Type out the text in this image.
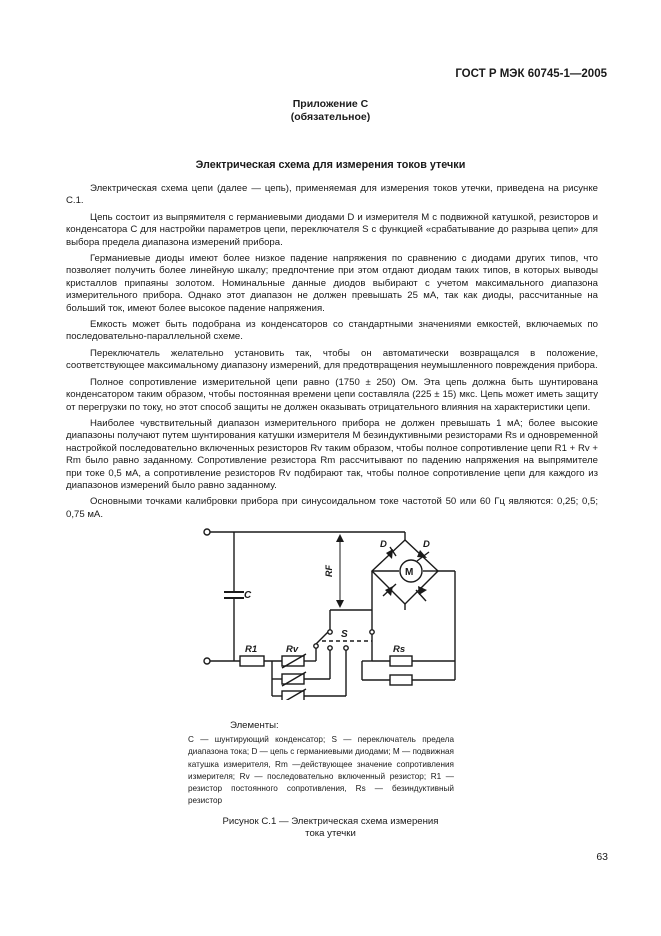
ГОСТ Р МЭК 60745-1—2005
Приложение С
(обязательное)
Электрическая схема для измерения токов утечки

Электрическая схема цепи (далее — цепь), применяемая для измерения токов утечки, приведена на рисунке С.1.

Цепь состоит из выпрямителя с германиевыми диодами D и измерителя М с подвижной катушкой, резисторов и конденсатора С для настройки параметров цепи, переключателя S с функцией «срабатывание до разрыва цепи» для выбора предела диапазона измерений прибора.

Германиевые диоды имеют более низкое падение напряжения по сравнению с диодами других типов, что позволяет получить более линейную шкалу; предпочтение при этом отдают диодам таких типов, в которых выводы кристаллов припаяны золотом. Номинальные данные диодов выбирают с учетом максимального диапазона измерительного прибора. Однако этот диапазон не должен превышать 25 мА, так как диоды, рассчитанные на больший ток, имеют более высокое падение напряжения.

Емкость может быть подобрана из конденсаторов со стандартными значениями емкостей, включаемых по последовательно-параллельной схеме.

Переключатель желательно установить так, чтобы он автоматически возвращался в положение, соответствующее максимальному диапазону измерений, для предотвращения неумышленного повреждения прибора.

Полное сопротивление измерительной цепи равно (1750 ± 250) Ом. Эта цепь должна быть шунтирована конденсатором таким образом, чтобы постоянная времени цепи составляла (225 ± 15) мкс. Цепь может иметь защиту от перегрузки по току, но этот способ защиты не должен оказывать отрицательного влияния на характеристики цепи.

Наиболее чувствительный диапазон измерительного прибора не должен превышать 1 мА; более высокие диапазоны получают путем шунтирования катушки измерителя М безиндуктивными резисторами Rs и одновременной настройкой последовательно включенных резисторов Rv таким образом, чтобы полное сопротивление цепи R1 + Rv + Rm было равно заданному. Сопротивление резистора Rm рассчитывают по падению напряжения на выпрямителе при токе 0,5 мА, а сопротивление резисторов Rv подбирают так, чтобы полное сопротивление цепи для каждого из диапазонов измерений было равно заданному.

Основными точками калибровки прибора при синусоидальном токе частотой 50 или 60 Гц являются: 0,25; 0,5; 0,75 мА.

C
R1	Rv
S
RF
D	D
M
Rs
Элементы:
С — шунтирующий конденсатор; S — переключатель предела диапазона тока; D — цепь с германиевыми диодами; М — подвижная катушка измерителя, Rm —действующее значение сопротивления измерителя; Rv — последовательно включенный резистор; R1 — резистор постоянного сопротивления, Rs — безиндуктивный резистор
Рисунок С.1 — Электрическая схема измерения
тока утечки
63
